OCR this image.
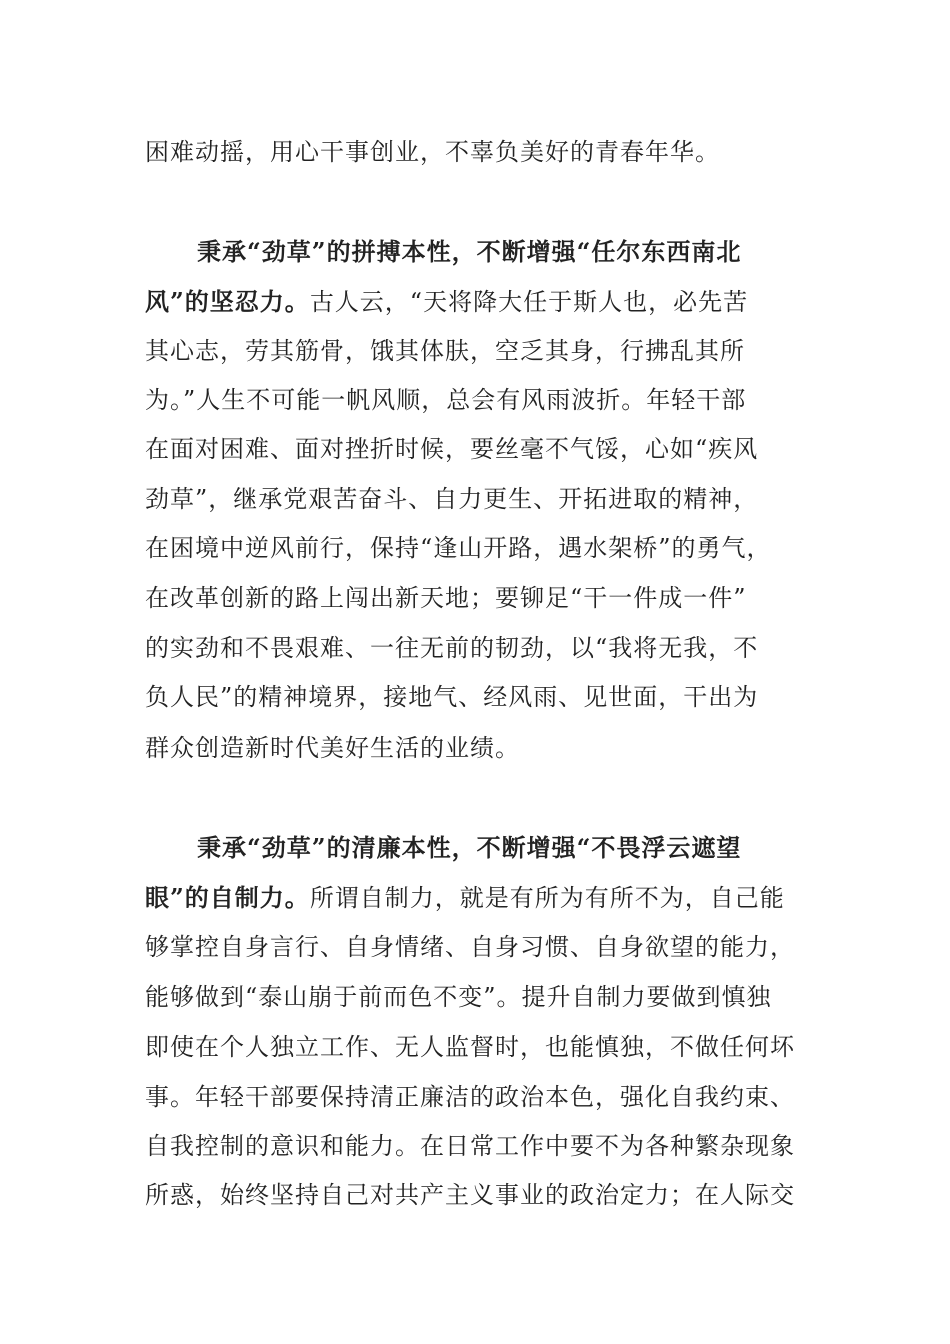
困难动摇，用心干事创业，不辜负美好的青春年华。
秉承“劲草”的拼搏本性，不断增强“任尔东西南北
风”的坚忍力。古人云，“天将降大任于斯人也，必先苦
其心志，劳其筋骨，饿其体肤，空乏其身，行拂乱其所
为。”人生不可能一帆风顺，总会有风雨波折。年轻干部
在面对困难、面对挫折时候，要丝毫不气馁，心如“疾风
劲草”，继承党艰苦奋斗、自力更生、开拓进取的精神，
在困境中逆风前行，保持“逢山开路，遇水架桥”的勇气，
在改革创新的路上闯出新天地；要铆足“干一件成一件”
的实劲和不畏艰难、一往无前的韧劲，以“我将无我，不
负人民”的精神境界，接地气、经风雨、见世面，干出为
群众创造新时代美好生活的业绩。
秉承“劲草”的清廉本性，不断增强“不畏浮云遮望
眼”的自制力。所谓自制力，就是有所为有所不为，自己能
够掌控自身言行、自身情绪、自身习惯、自身欲望的能力，
能够做到“泰山崩于前而色不变”。提升自制力要做到慎独
即使在个人独立工作、无人监督时，也能慎独，不做任何坏
事。年轻干部要保持清正廉洁的政治本色，强化自我约束、
自我控制的意识和能力。在日常工作中要不为各种繁杂现象
所惑，始终坚持自己对共产主义事业的政治定力；在人际交
